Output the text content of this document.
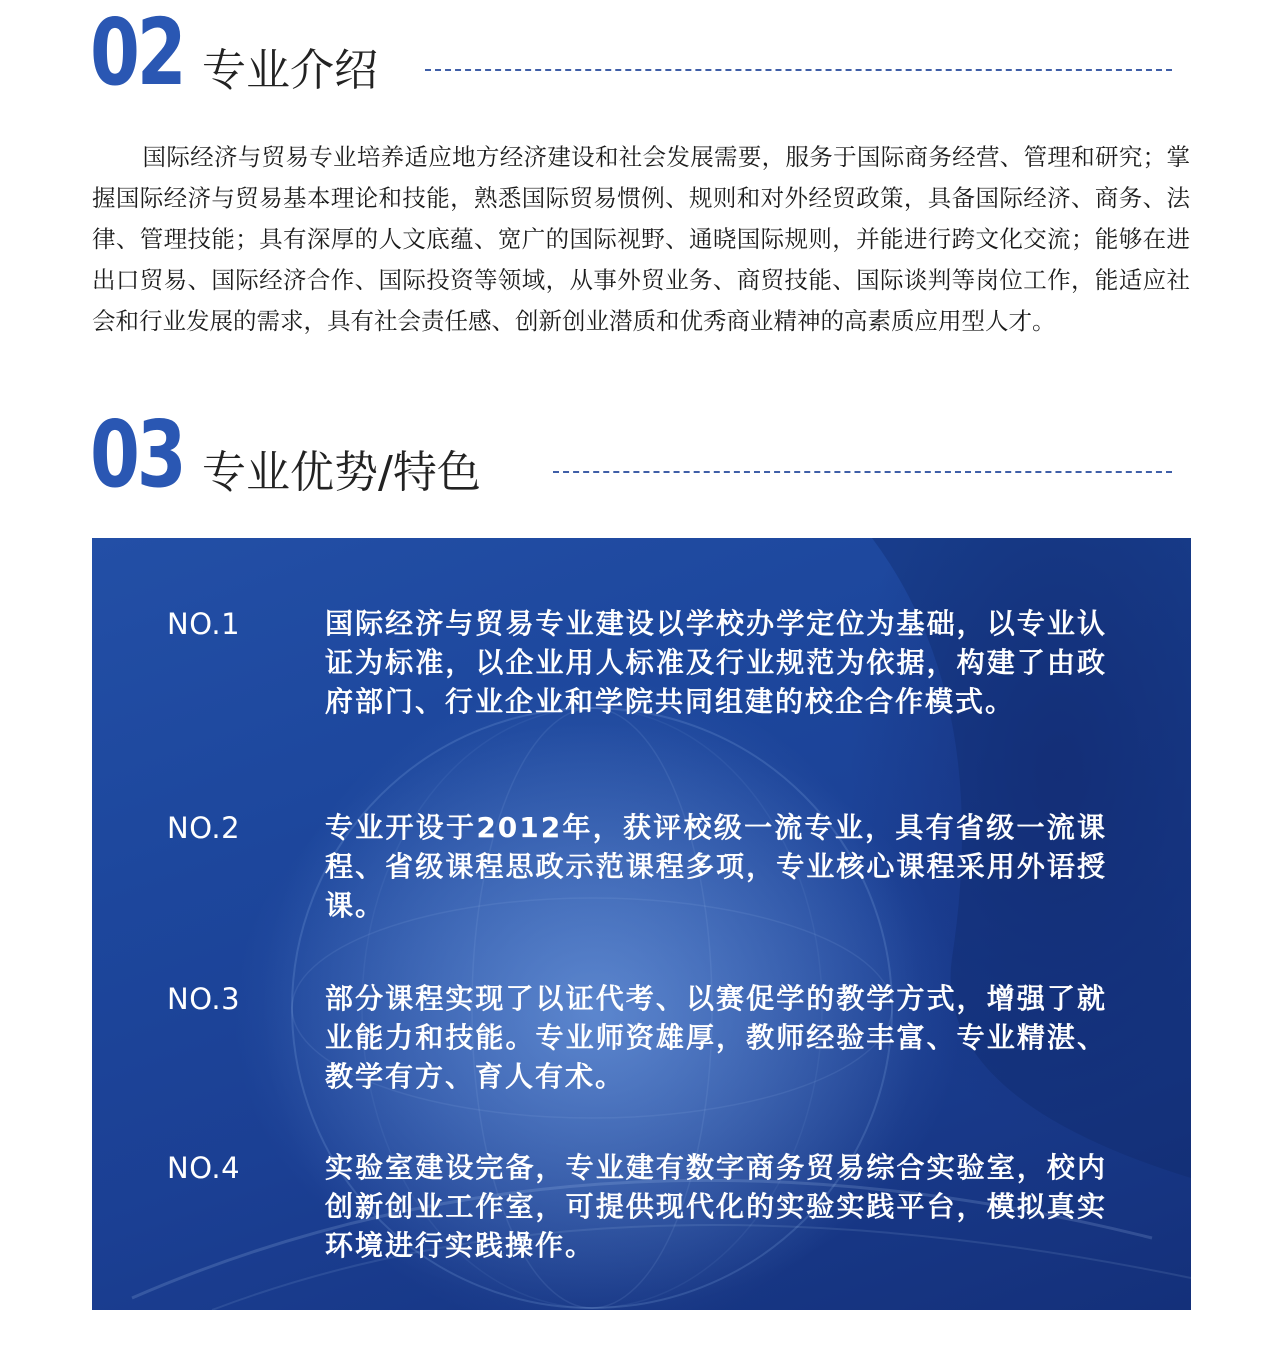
02 专业介绍

国际经济与贸易专业培养适应地方经济建设和社会发展需要，服务于国际商务经营、管理和研究；掌握国际经济与贸易基本理论和技能，熟悉国际贸易惯例、规则和对外经贸政策，具备国际经济、商务、法律、管理技能；具有深厚的人文底蕴、宽广的国际视野、通晓国际规则，并能进行跨文化交流；能够在进出口贸易、国际经济合作、国际投资等领域，从事外贸业务、商贸技能、国际谈判等岗位工作，能适应社会和行业发展的需求，具有社会责任感、创新创业潜质和优秀商业精神的高素质应用型人才。

03 专业优势/特色
NO.1	国际经济与贸易专业建设以学校办学定位为基础，以专业认证为标准，以企业用人标准及行业规范为依据，构建了由政府部门、行业企业和学院共同组建的校企合作模式。

NO.2	专业开设于2012年，获评校级一流专业，具有省级一流课程、省级课程思政示范课程多项，专业核心课程采用外语授课。

NO.3	部分课程实现了以证代考、以赛促学的教学方式，增强了就业能力和技能。专业师资雄厚，教师经验丰富、专业精湛、教学有方、育人有术。

NO.4	实验室建设完备，专业建有数字商务贸易综合实验室，校内创新创业工作室，可提供现代化的实验实践平台，模拟真实环境进行实践操作。
